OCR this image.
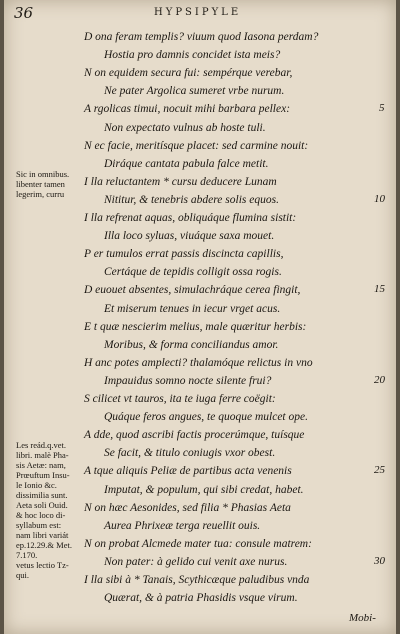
36	HYPSIPYLE
D ona feram templis? viuum quod Iasona perdam?
Hostia pro damnis concidet ista meis?
N on equidem secura fui: sempérque verebar,
Ne pater Argolica sumeret vrbe nurum.
A rgolicas timui, nocuit mihi barbara pellex:
Non expectato vulnus ab hoste tuli.
N ec facie, meritísque placet: sed carmine nouit:
Diráque cantata pabula falce metit.
I lla reluctantem * cursu deducere Lunam
Nititur, & tenebris abdere solis equos.
I lla refrenat aquas, obliquáque flumina sistit:
Illa loco syluas, viuáque saxa mouet.
P er tumulos errat passis discincta capillis,
Certáque de tepidis colligit ossa rogis.
D euouet absentes, simulachráque cerea fingit,
Et miserum tenues in iecur vrget acus.
E t quæ nescierim melius, male quæritur herbis:
Moribus, & forma conciliandus amor.
H anc potes amplecti? thalamóque relictus in vno
Impauidus somno nocte silente frui?
S cilicet vt tauros, ita te iuga ferre coëgit:
Quáque feros angues, te quoque mulcet ope.
A dde, quod ascribi factis procerúmque, tuísque
Se facit, & titulo coniugis vxor obest.
A tque aliquis Peliæ de partibus acta venenis
Imputat, & populum, qui sibi credat, habet.
N on hæc Aesonides, sed filia * Phasias Aeta
Aurea Phrixeæ terga reuellit ouis.
N on probat Alcmede mater tua: consule matrem:
Non pater: à gelido cui venit axe nurus.
I lla sibi à * Tanais, Scythicæque paludibus vnda
Quærat, & à patria Phasidis vsque virum.
5
10
15
20
25
30
Sic in omnibus.
libenter tamen
legerim, curru
Les reád.q.vet.
libri. malè Pha-
sis Aetæ: nam,
Prœuftum Insu-
le Ionio &c.
dissimilia sunt.
Aeta soli Ouid.
& hoc loco di-
syllabum est:
nam libri variát
ep.12.29.& Met.
7.170.
vetus lectio Tz-
qui.
Mobi-
